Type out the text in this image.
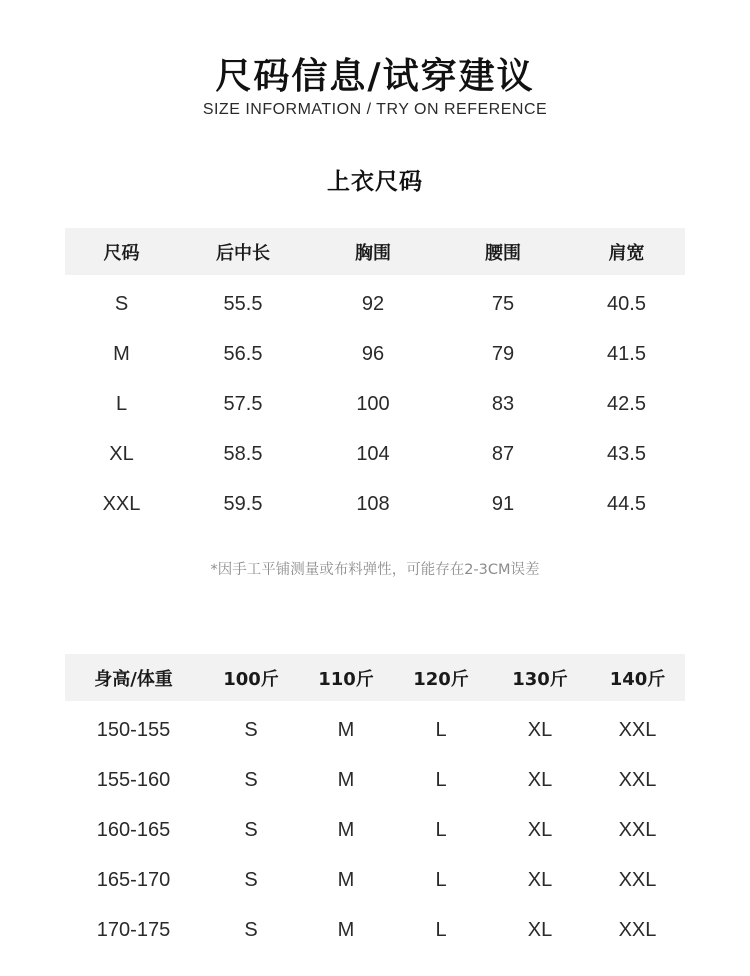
尺码信息/试穿建议
SIZE INFORMATION / TRY ON REFERENCE
上衣尺码
尺码	后中长	胸围	腰围	肩宽
S	55.5	92	75	40.5
M	56.5	96	79	41.5
L	57.5	100	83	42.5
XL	58.5	104	87	43.5
XXL	59.5	108	91	44.5
*因手工平铺测量或布料弹性，可能存在2-3CM误差
身高/体重	100斤	110斤	120斤	130斤	140斤
150-155	S	M	L	XL	XXL
155-160	S	M	L	XL	XXL
160-165	S	M	L	XL	XXL
165-170	S	M	L	XL	XXL
170-175	S	M	L	XL	XXL
